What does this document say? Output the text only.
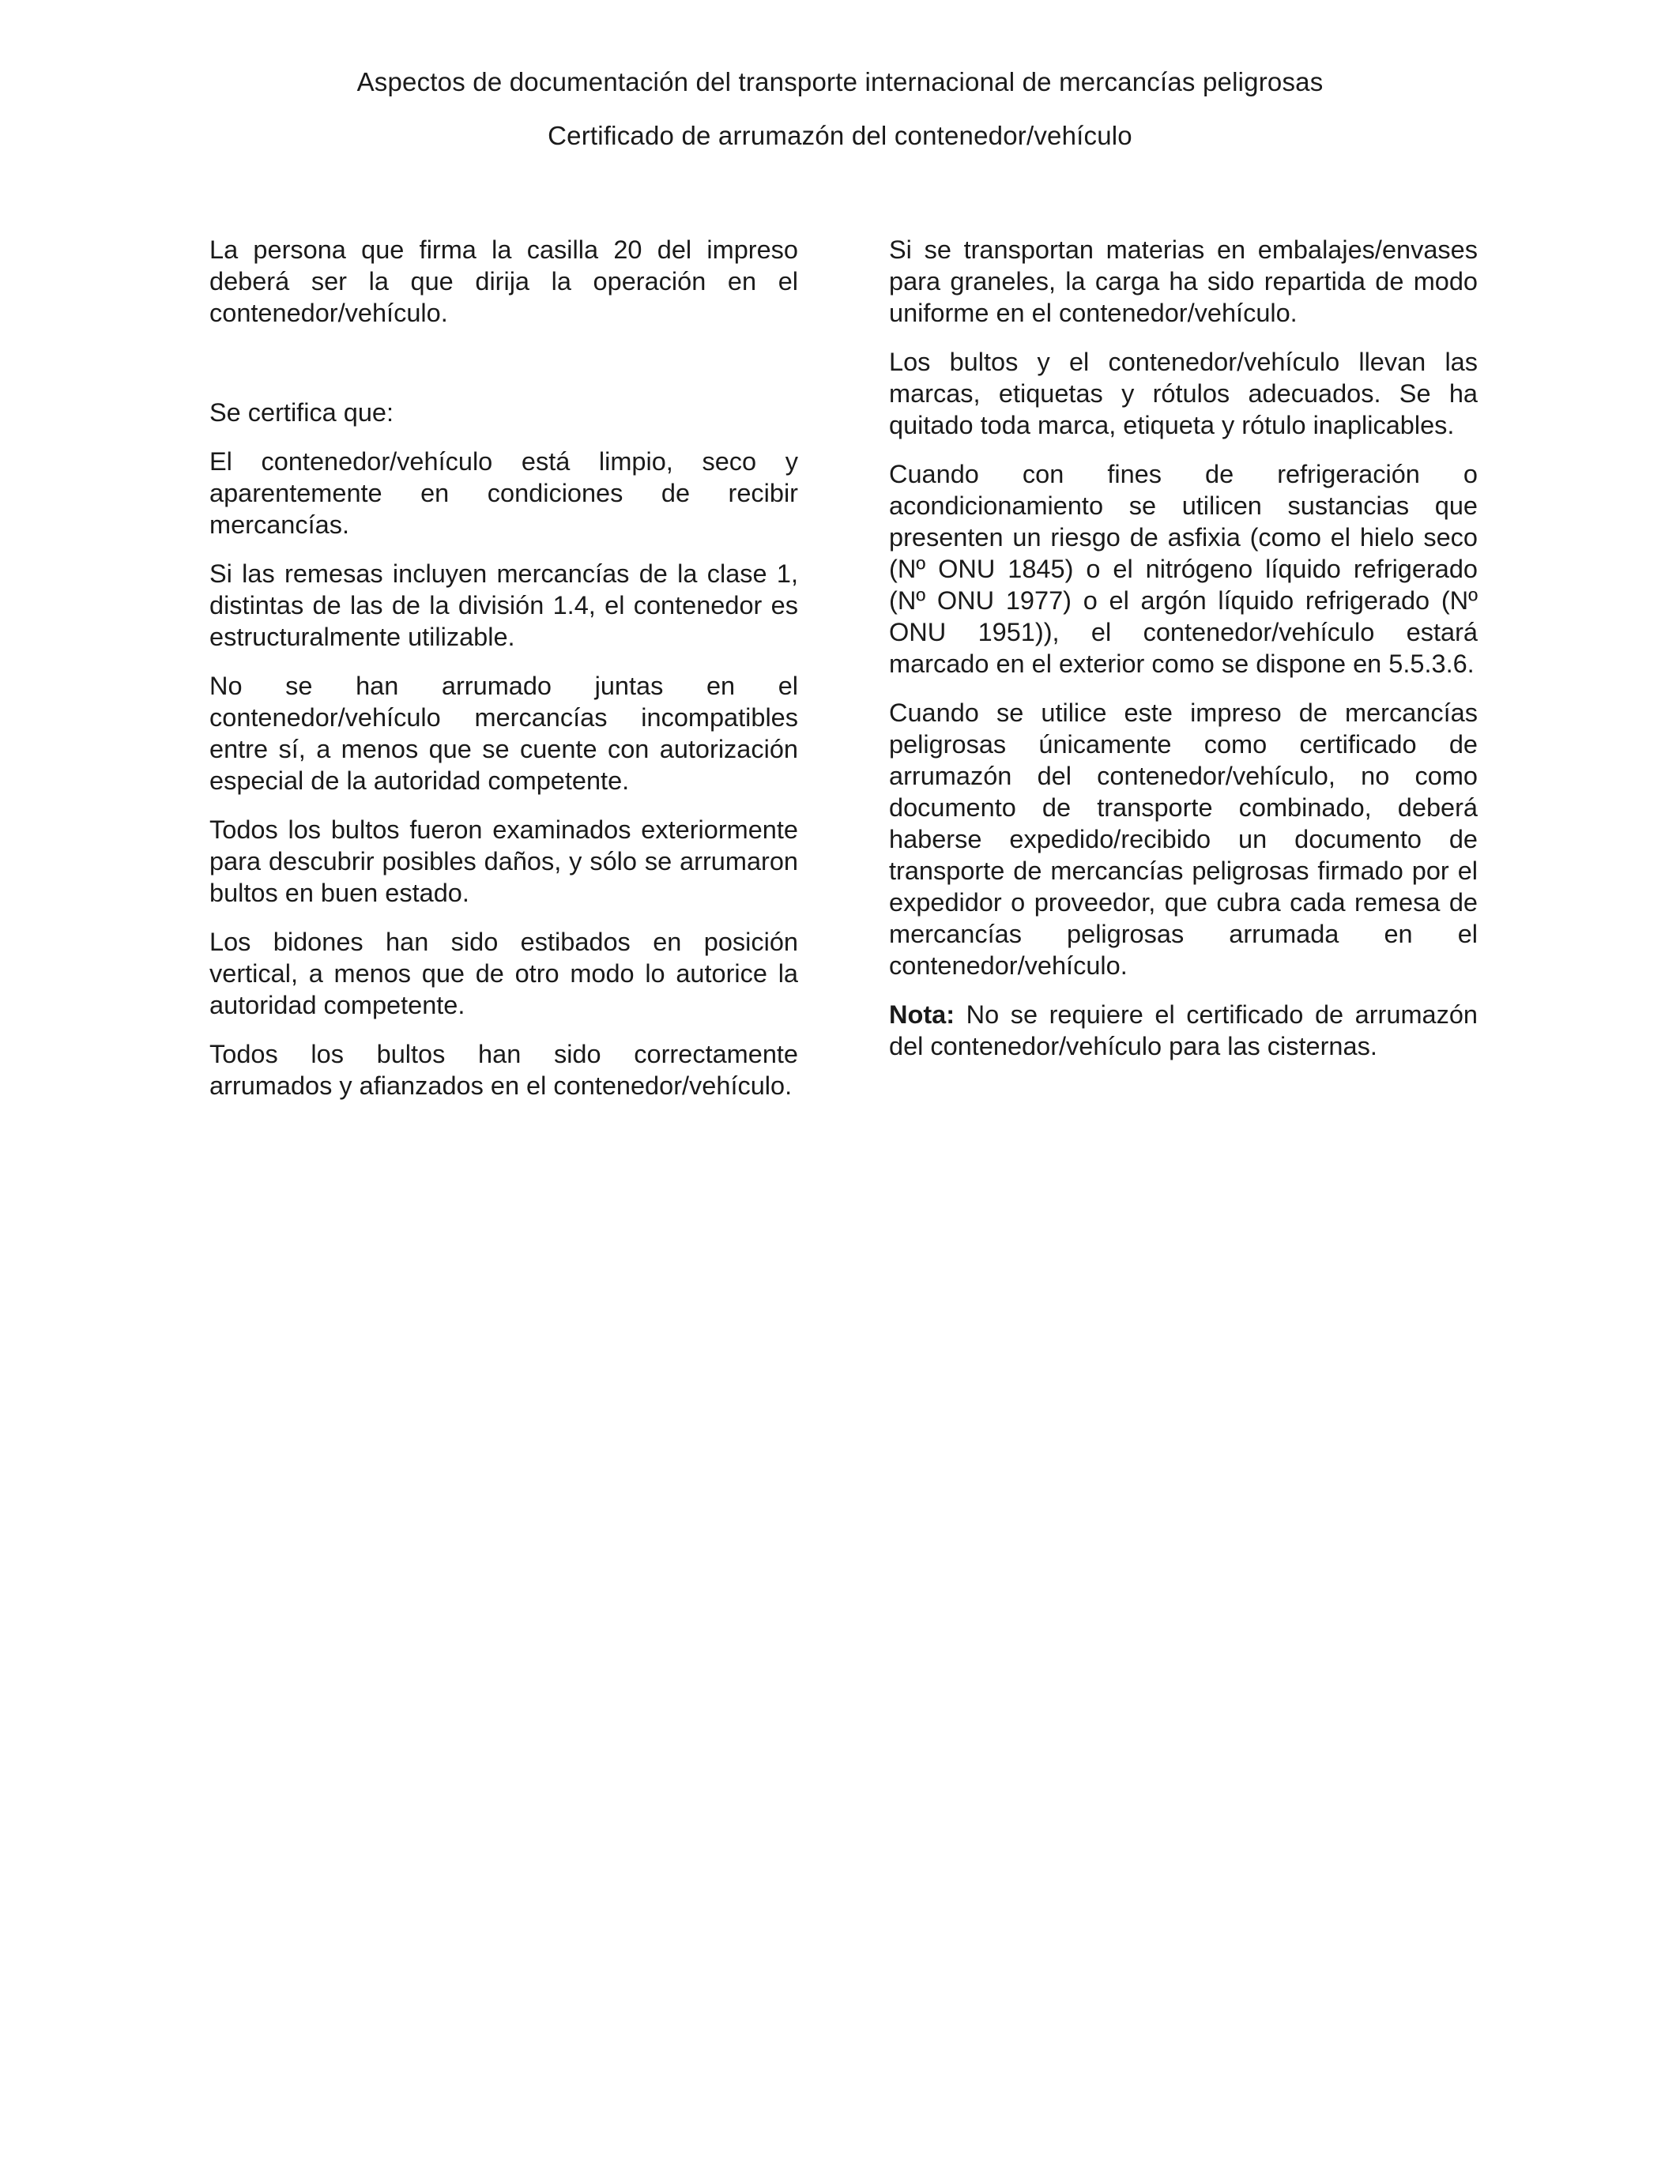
Aspectos de documentación del transporte internacional de mercancías peligrosas
Certificado de arrumazón del contenedor/vehículo

La persona que firma la casilla 20 del impreso deberá ser la que dirija la operación en el contenedor/vehículo.

Se certifica que:

El contenedor/vehículo está limpio, seco y aparentemente en condiciones de recibir mercancías.

Si las remesas incluyen mercancías de la clase 1, distintas de las de la división 1.4, el contenedor es estructuralmente utilizable.

No se han arrumado juntas en el contenedor/vehículo mercancías incompatibles entre sí, a menos que se cuente con autorización especial de la autoridad competente.

Todos los bultos fueron examinados exteriormente para descubrir posibles daños, y sólo se arrumaron bultos en buen estado.

Los bidones han sido estibados en posición vertical, a menos que de otro modo lo autorice la autoridad competente.

Todos los bultos han sido correctamente arrumados y afianzados en el contenedor/vehículo.

Si se transportan materias en embalajes/envases para graneles, la carga ha sido repartida de modo uniforme en el contenedor/vehículo.

Los bultos y el contenedor/vehículo llevan las marcas, etiquetas y rótulos adecuados. Se ha quitado toda marca, etiqueta y rótulo inaplicables.

Cuando con fines de refrigeración o acondicionamiento se utilicen sustancias que presenten un riesgo de asfixia (como el hielo seco (Nº ONU 1845) o el nitrógeno líquido refrigerado (Nº ONU 1977) o el argón líquido refrigerado (Nº ONU 1951)), el contenedor/vehículo estará marcado en el exterior como se dispone en 5.5.3.6.

Cuando se utilice este impreso de mercancías peligrosas únicamente como certificado de arrumazón del contenedor/vehículo, no como documento de transporte combinado, deberá haberse expedido/recibido un documento de transporte de mercancías peligrosas firmado por el expedidor o proveedor, que cubra cada remesa de mercancías peligrosas arrumada en el contenedor/vehículo.

Nota: No se requiere el certificado de arrumazón del contenedor/vehículo para las cisternas.
